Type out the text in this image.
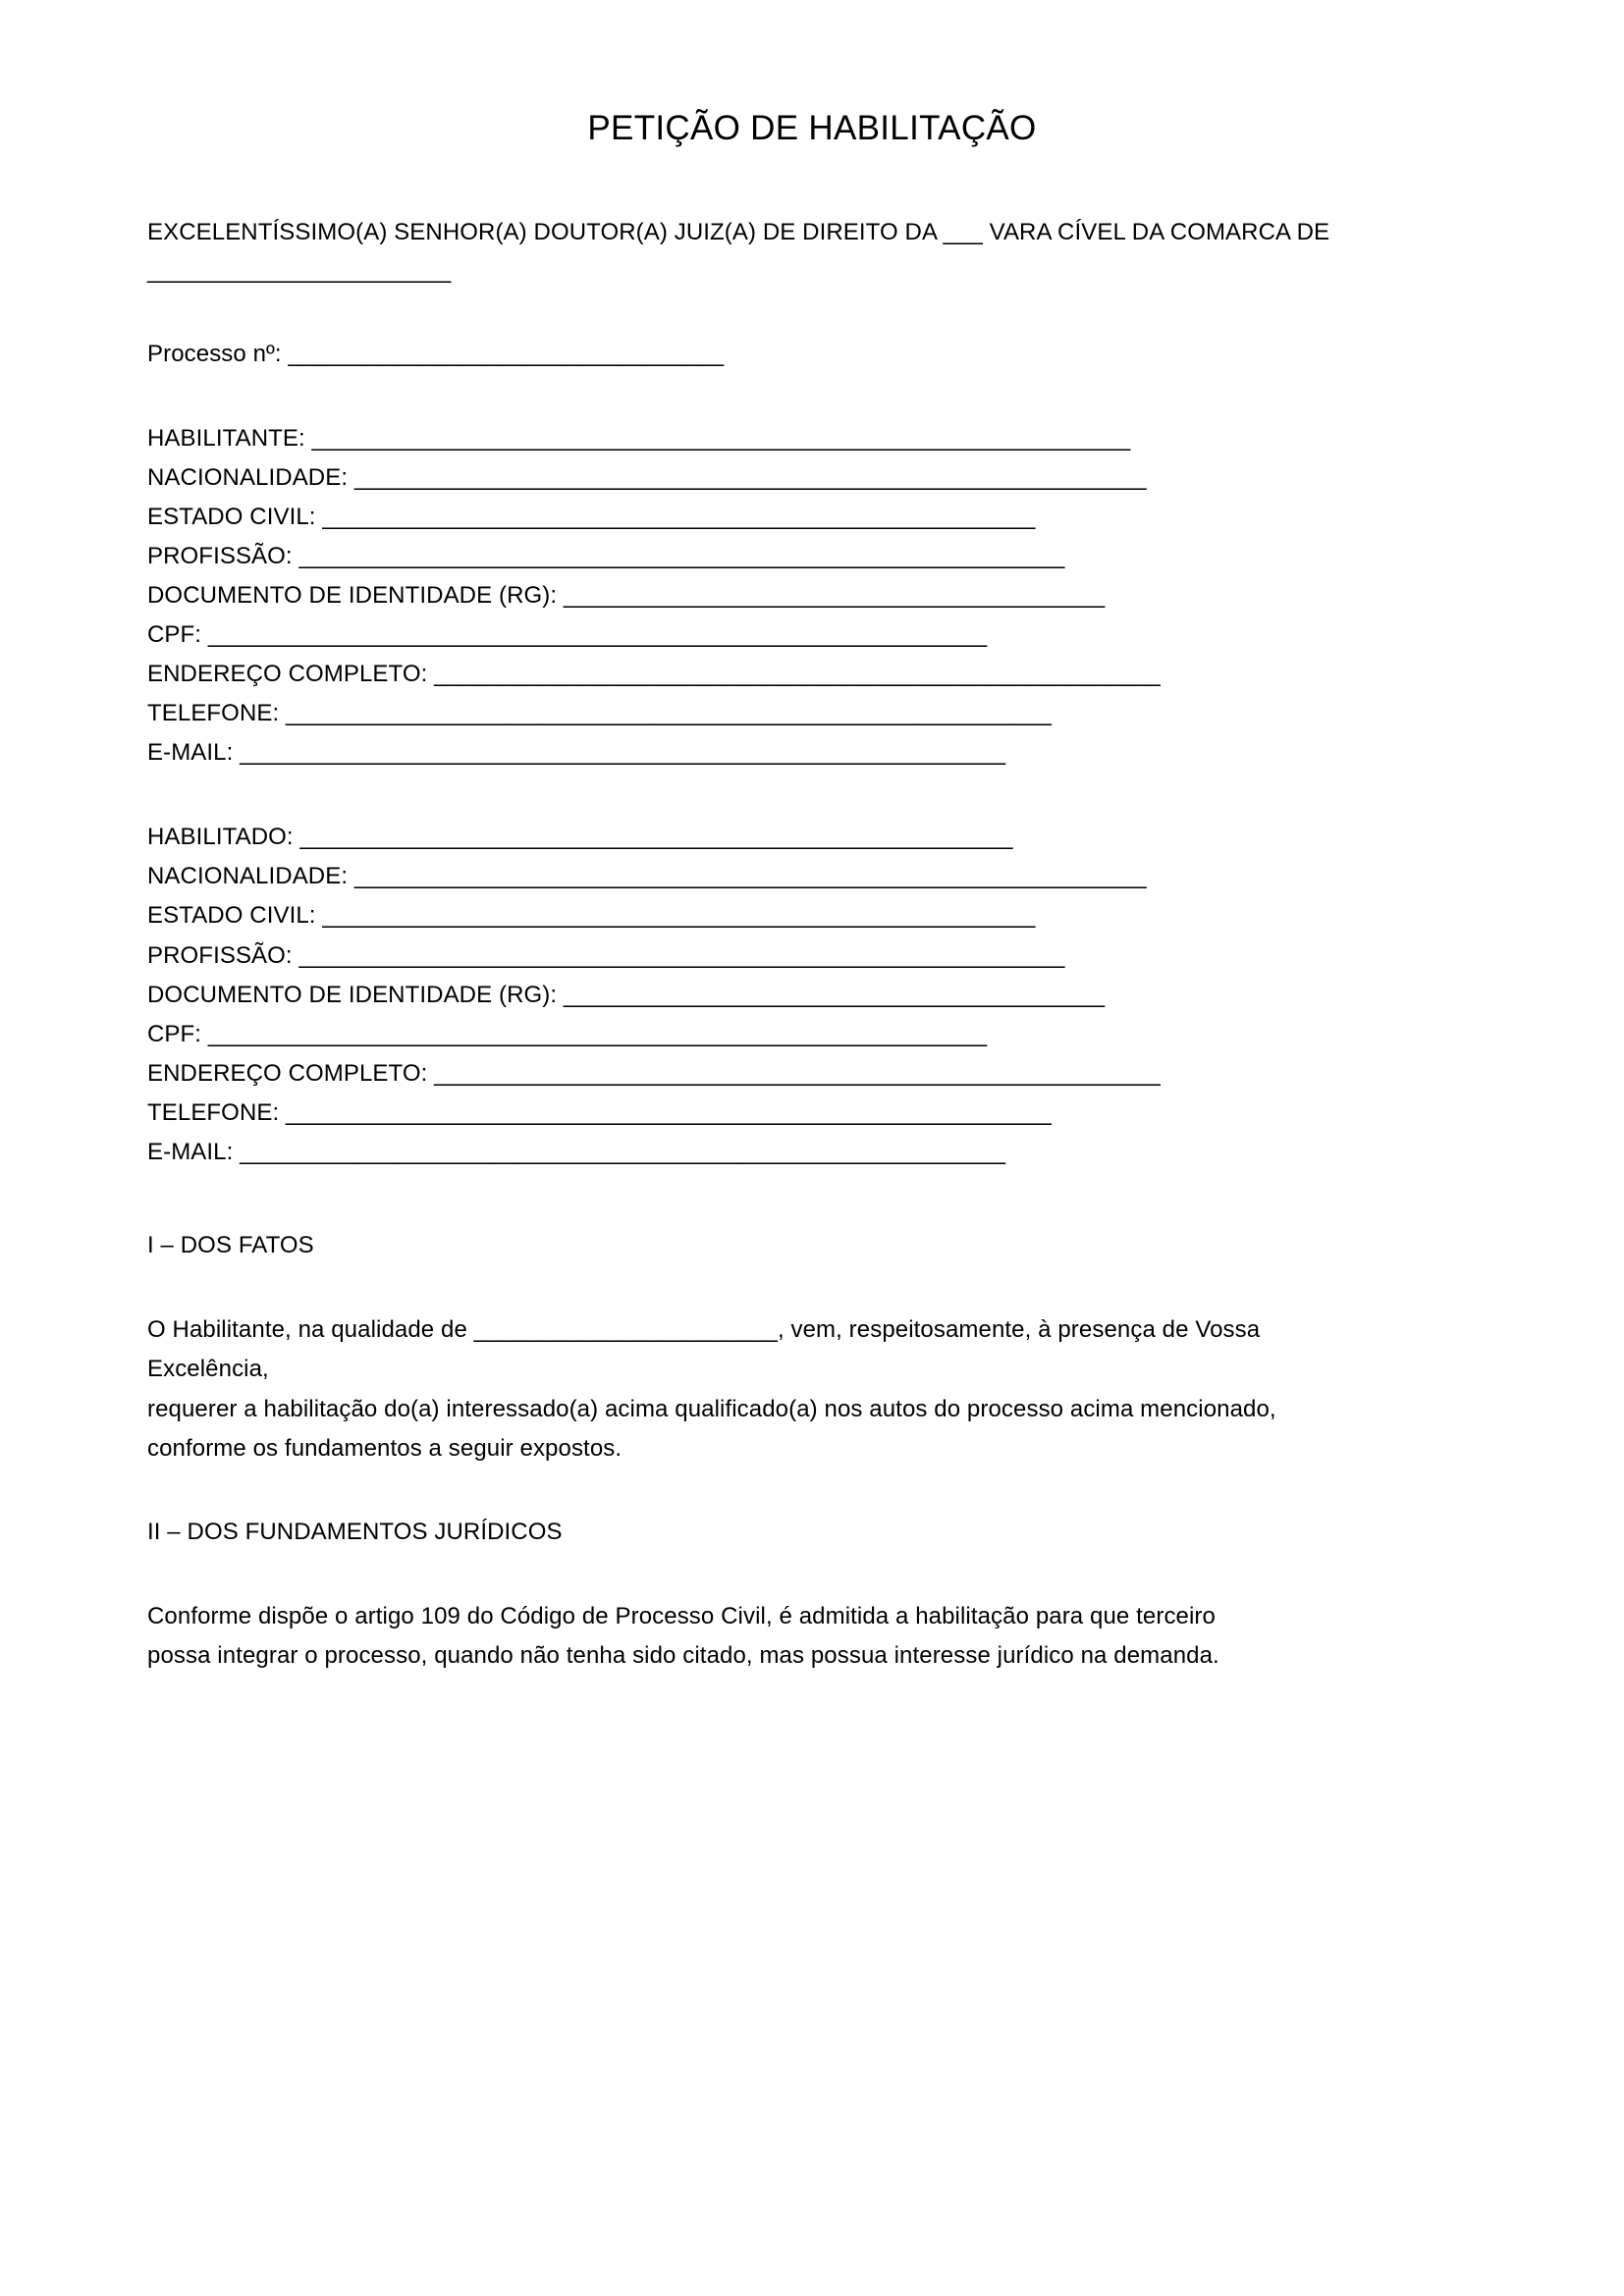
PETIÇÃO DE HABILITAÇÃO

EXCELENTÍSSIMO(A) SENHOR(A) DOUTOR(A) JUIZ(A) DE DIREITO DA ___ VARA CÍVEL DA COMARCA DE

_______________________

Processo nº: _________________________________

HABILITANTE: ______________________________________________________________
NACIONALIDADE: ____________________________________________________________
ESTADO CIVIL: ______________________________________________________
PROFISSÃO: __________________________________________________________
DOCUMENTO DE IDENTIDADE (RG): _________________________________________
CPF: ___________________________________________________________
ENDEREÇO COMPLETO: _______________________________________________________
TELEFONE: __________________________________________________________
E-MAIL: __________________________________________________________
HABILITADO: ______________________________________________________
NACIONALIDADE: ____________________________________________________________
ESTADO CIVIL: ______________________________________________________
PROFISSÃO: __________________________________________________________
DOCUMENTO DE IDENTIDADE (RG): _________________________________________
CPF: ___________________________________________________________
ENDEREÇO COMPLETO: _______________________________________________________
TELEFONE: __________________________________________________________
E-MAIL: __________________________________________________________

I – DOS FATOS

O Habilitante, na qualidade de _______________________, vem, respeitosamente, à presença de Vossa Excelência,

requerer a habilitação do(a) interessado(a) acima qualificado(a) nos autos do processo acima mencionado,

conforme os fundamentos a seguir expostos.

II – DOS FUNDAMENTOS JURÍDICOS

Conforme dispõe o artigo 109 do Código de Processo Civil, é admitida a habilitação para que terceiro

possa integrar o processo, quando não tenha sido citado, mas possua interesse jurídico na demanda.
